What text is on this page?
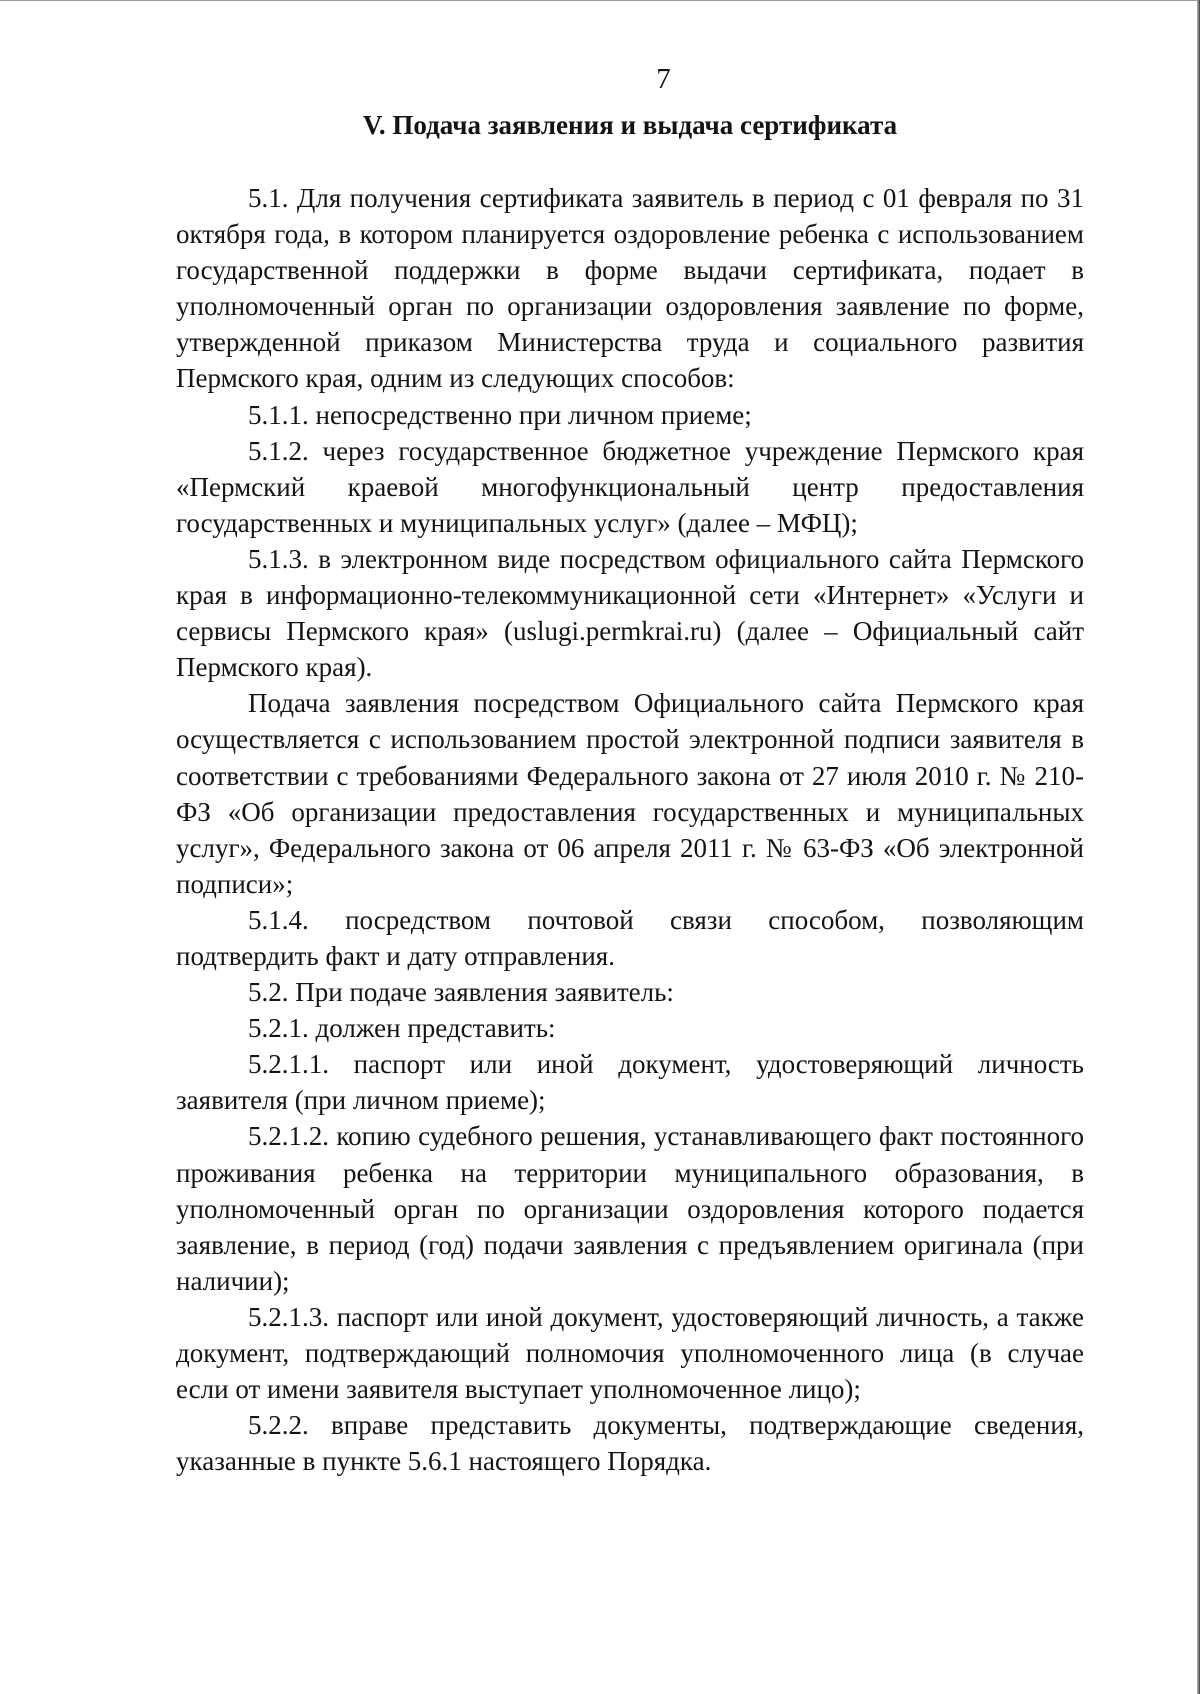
7
V. Подача заявления и выдача сертификата

5.1. Для получения сертификата заявитель в период с 01 февраля по 31 октября года, в котором планируется оздоровление ребенка с использованием государственной поддержки в форме выдачи сертификата, подает в уполномоченный орган по организации оздоровления заявление по форме, утвержденной приказом Министерства труда и социального развития Пермского края, одним из следующих способов:

5.1.1. непосредственно при личном приеме;

5.1.2. через государственное бюджетное учреждение Пермского края «Пермский краевой многофункциональный центр предоставления государственных и муниципальных услуг» (далее – МФЦ);

5.1.3. в электронном виде посредством официального сайта Пермского края в информационно-телекоммуникационной сети «Интернет» «Услуги и сервисы Пермского края» (uslugi.permkrai.ru) (далее – Официальный сайт Пермского края).

Подача заявления посредством Официального сайта Пермского края осуществляется с использованием простой электронной подписи заявителя в соответствии с требованиями Федерального закона от 27 июля 2010 г. № 210-ФЗ «Об организации предоставления государственных и муниципальных услуг», Федерального закона от 06 апреля 2011 г. № 63-ФЗ «Об электронной подписи»;

5.1.4. посредством почтовой связи способом, позволяющим подтвердить факт и дату отправления.

5.2. При подаче заявления заявитель:

5.2.1. должен представить:

5.2.1.1. паспорт или иной документ, удостоверяющий личность заявителя (при личном приеме);

5.2.1.2. копию судебного решения, устанавливающего факт постоянного проживания ребенка на территории муниципального образования, в уполномоченный орган по организации оздоровления которого подается заявление, в период (год) подачи заявления с предъявлением оригинала (при наличии);

5.2.1.3. паспорт или иной документ, удостоверяющий личность, а также документ, подтверждающий полномочия уполномоченного лица (в случае если от имени заявителя выступает уполномоченное лицо);

5.2.2. вправе представить документы, подтверждающие сведения, указанные в пункте 5.6.1 настоящего Порядка.
